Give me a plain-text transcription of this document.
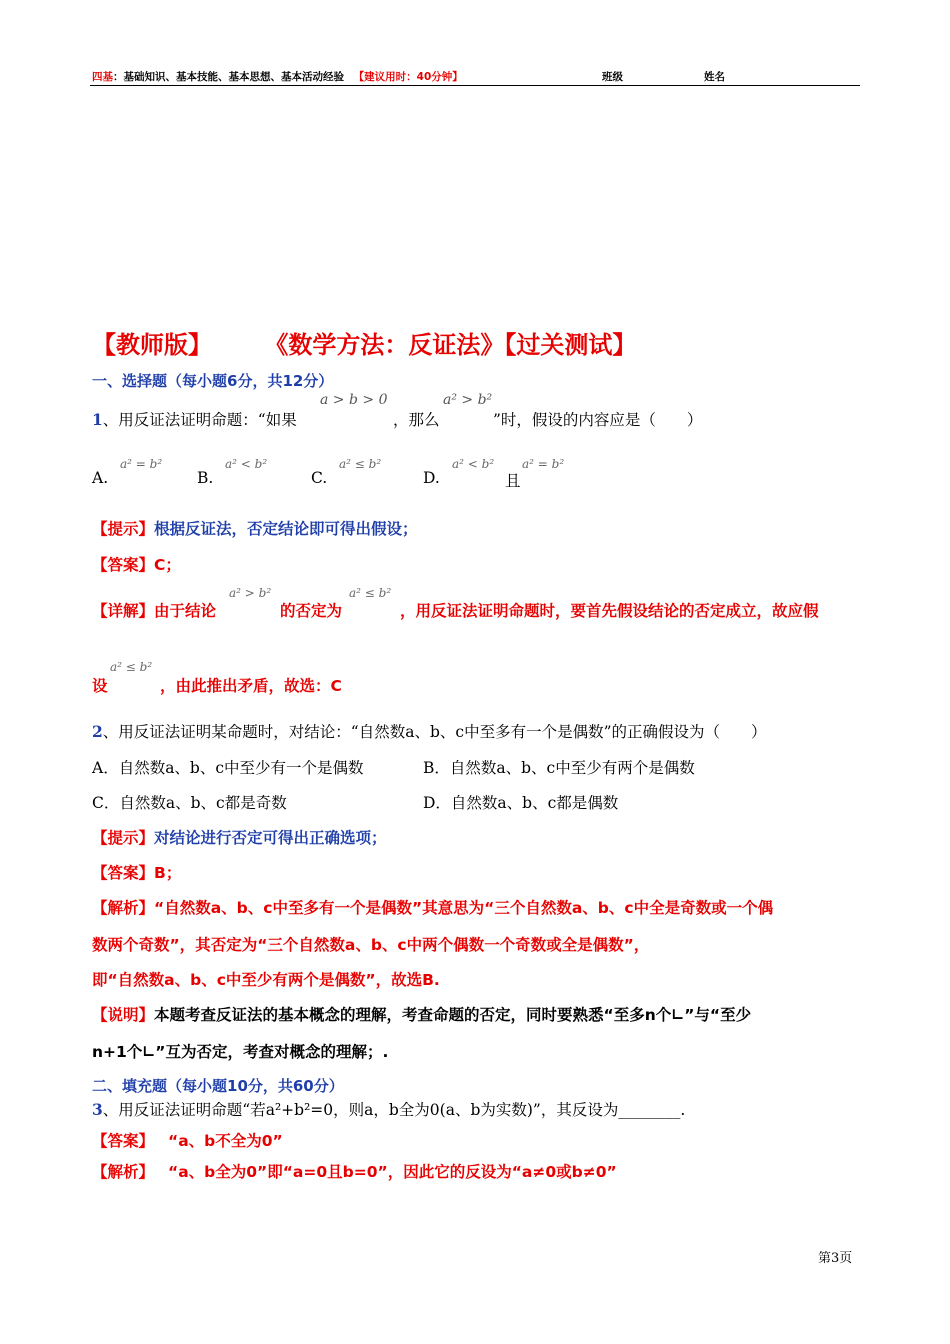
四基：基础知识、基本技能、基本思想、基本活动经验 【建议用时：40分钟】	班级	姓名
【教师版】 《数学方法：反证法》【过关测试】
一、选择题（每小题6分，共12分）
1、用反证法证明命题：“如果
a > b > 0
，那么
a² > b²
”时，假设的内容应是（　　）
A.
a² = b²
B.
a² < b²
C.
a² ≤ b²
D.
a² < b²
且
a² = b²
【提示】根据反证法，否定结论即可得出假设；
【答案】C；
【详解】由于结论
a² > b²
的否定为
a² ≤ b²
，用反证法证明命题时，要首先假设结论的否定成立，故应假
设
a² ≤ b²
，由此推出矛盾，故选：C
2、用反证法证明某命题时，对结论：“自然数a、b、c中至多有一个是偶数”的正确假设为（　　）
A．自然数a、b、c中至少有一个是偶数	B．自然数a、b、c中至少有两个是偶数
C．自然数a、b、c都是奇数	D．自然数a、b、c都是偶数
【提示】对结论进行否定可得出正确选项；
【答案】B；
【解析】“自然数a、b、c中至多有一个是偶数”其意思为“三个自然数a、b、c中全是奇数或一个偶
数两个奇数”，其否定为“三个自然数a、b、c中两个偶数一个奇数或全是偶数”，
即“自然数a、b、c中至少有两个是偶数”，故选B.
【说明】本题考查反证法的基本概念的理解，考查命题的否定，同时要熟悉“至多n个∟”与“至少
n+1个∟”互为否定，考查对概念的理解；.
二、填充题（每小题10分，共60分）
3、用反证法证明命题“若a²+b²=0，则a，b全为0(a、b为实数)”，其反设为________.
【答案】 “a、b不全为0”
【解析】 “a、b全为0”即“a=0且b=0”，因此它的反设为“a≠0或b≠0”
第3页
